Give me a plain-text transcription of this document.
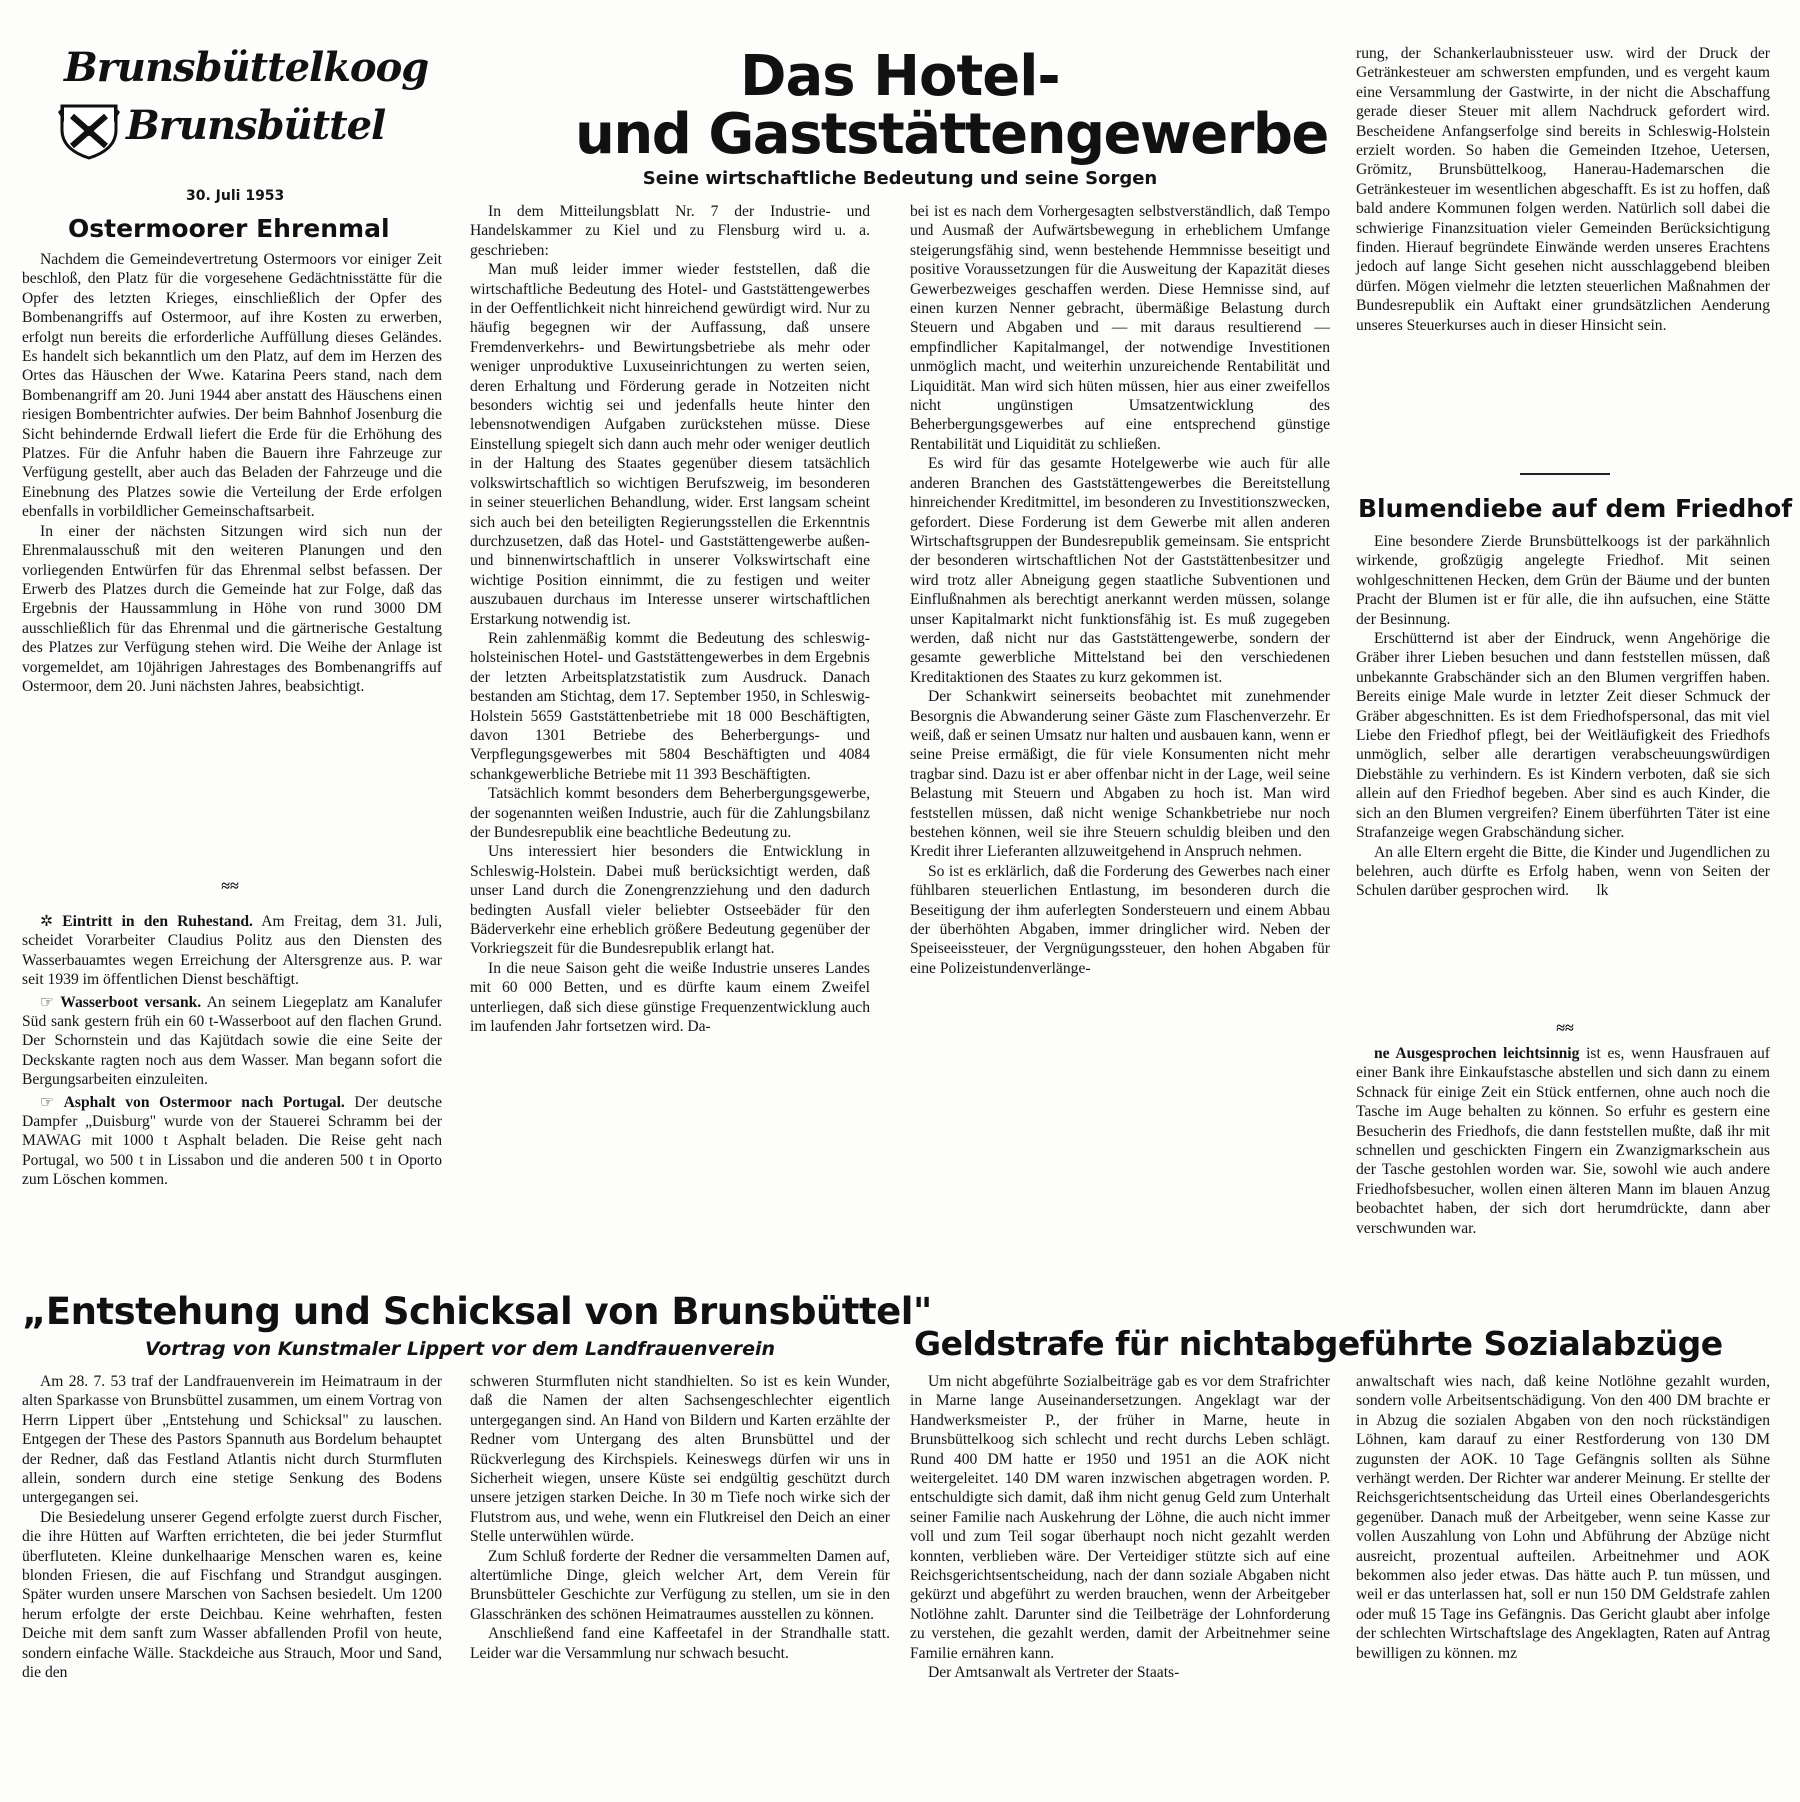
Brunsbüttelkoog
Brunsbüttel
30. Juli 1953
Das Hotel-
und Gaststättengewerbe
Seine wirtschaftliche Bedeutung und seine Sorgen
Ostermoorer Ehrenmal

Nachdem die Gemeindevertretung Ostermoors vor einiger Zeit beschloß, den Platz für die vorgesehene Gedächtnisstätte für die Opfer des letzten Krieges, einschließlich der Opfer des Bombenangriffs auf Ostermoor, auf ihre Kosten zu erwerben, erfolgt nun bereits die erforderliche Auffüllung dieses Geländes. Es handelt sich bekanntlich um den Platz, auf dem im Herzen des Ortes das Häuschen der Wwe. Katarina Peers stand, nach dem Bombenangriff am 20. Juni 1944 aber anstatt des Häuschens einen riesigen Bombentrichter aufwies. Der beim Bahnhof Josenburg die Sicht behindernde Erdwall liefert die Erde für die Erhöhung des Platzes. Für die Anfuhr haben die Bauern ihre Fahrzeuge zur Verfügung gestellt, aber auch das Beladen der Fahrzeuge und die Einebnung des Platzes sowie die Verteilung der Erde erfolgen ebenfalls in vorbildlicher Gemeinschaftsarbeit.

In einer der nächsten Sitzungen wird sich nun der Ehrenmalausschuß mit den weiteren Planungen und den vorliegenden Entwürfen für das Ehrenmal selbst befassen. Der Erwerb des Platzes durch die Gemeinde hat zur Folge, daß das Ergebnis der Haussammlung in Höhe von rund 3000 DM ausschließlich für das Ehrenmal und die gärtnerische Gestaltung des Platzes zur Verfügung stehen wird. Die Weihe der Anlage ist vorgemeldet, am 10jährigen Jahrestages des Bombenangriffs auf Ostermoor, dem 20. Juni nächsten Jahres, beabsichtigt.

≈≈

✲ Eintritt in den Ruhestand. Am Freitag, dem 31. Juli, scheidet Vorarbeiter Claudius Politz aus den Diensten des Wasserbauamtes wegen Erreichung der Altersgrenze aus. P. war seit 1939 im öffentlichen Dienst beschäftigt.

☞ Wasserboot versank. An seinem Liegeplatz am Kanalufer Süd sank gestern früh ein 60 t-Wasserboot auf den flachen Grund. Der Schornstein und das Kajütdach sowie die eine Seite der Deckskante ragten noch aus dem Wasser. Man begann sofort die Bergungsarbeiten einzuleiten.

☞ Asphalt von Ostermoor nach Portugal. Der deutsche Dampfer „Duisburg" wurde von der Stauerei Schramm bei der MAWAG mit 1000 t Asphalt beladen. Die Reise geht nach Portugal, wo 500 t in Lissabon und die anderen 500 t in Oporto zum Löschen kommen.

In dem Mitteilungsblatt Nr. 7 der Industrie- und Handelskammer zu Kiel und zu Flensburg wird u. a. geschrieben:

Man muß leider immer wieder feststellen, daß die wirtschaftliche Bedeutung des Hotel- und Gaststättengewerbes in der Oeffentlichkeit nicht hinreichend gewürdigt wird. Nur zu häufig begegnen wir der Auffassung, daß unsere Fremdenverkehrs- und Bewirtungsbetriebe als mehr oder weniger unproduktive Luxuseinrichtungen zu werten seien, deren Erhaltung und Förderung gerade in Notzeiten nicht besonders wichtig sei und jedenfalls heute hinter den lebensnotwendigen Aufgaben zurückstehen müsse. Diese Einstellung spiegelt sich dann auch mehr oder weniger deutlich in der Haltung des Staates gegenüber diesem tatsächlich volkswirtschaftlich so wichtigen Berufszweig, im besonderen in seiner steuerlichen Behandlung, wider. Erst langsam scheint sich auch bei den beteiligten Regierungsstellen die Erkenntnis durchzusetzen, daß das Hotel- und Gaststättengewerbe außen- und binnenwirtschaftlich in unserer Volkswirtschaft eine wichtige Position einnimmt, die zu festigen und weiter auszubauen durchaus im Interesse unserer wirtschaftlichen Erstarkung notwendig ist.

Rein zahlenmäßig kommt die Bedeutung des schleswig-holsteinischen Hotel- und Gaststättengewerbes in dem Ergebnis der letzten Arbeitsplatzstatistik zum Ausdruck. Danach bestanden am Stichtag, dem 17. September 1950, in Schleswig-Holstein 5659 Gaststättenbetriebe mit 18 000 Beschäftigten, davon 1301 Betriebe des Beherbergungs- und Verpflegungsgewerbes mit 5804 Beschäftigten und 4084 schankgewerbliche Betriebe mit 11 393 Beschäftigten.

Tatsächlich kommt besonders dem Beherbergungsgewerbe, der sogenannten weißen Industrie, auch für die Zahlungsbilanz der Bundesrepublik eine beachtliche Bedeutung zu.

Uns interessiert hier besonders die Entwicklung in Schleswig-Holstein. Dabei muß berücksichtigt werden, daß unser Land durch die Zonengrenzziehung und den dadurch bedingten Ausfall vieler beliebter Ostseebäder für den Bäderverkehr eine erheblich größere Bedeutung gegenüber der Vorkriegszeit für die Bundesrepublik erlangt hat.

In die neue Saison geht die weiße Industrie unseres Landes mit 60 000 Betten, und es dürfte kaum einem Zweifel unterliegen, daß sich diese günstige Frequenzentwicklung auch im laufenden Jahr fortsetzen wird. Da-

bei ist es nach dem Vorhergesagten selbstverständlich, daß Tempo und Ausmaß der Aufwärtsbewegung in erheblichem Umfange steigerungsfähig sind, wenn bestehende Hemmnisse beseitigt und positive Voraussetzungen für die Ausweitung der Kapazität dieses Gewerbezweiges geschaffen werden. Diese Hemnisse sind, auf einen kurzen Nenner gebracht, übermäßige Belastung durch Steuern und Abgaben und — mit daraus resultierend — empfindlicher Kapitalmangel, der notwendige Investitionen unmöglich macht, und weiterhin unzureichende Rentabilität und Liquidität. Man wird sich hüten müssen, hier aus einer zweifellos nicht ungünstigen Umsatzentwicklung des Beherbergungsgewerbes auf eine entsprechend günstige Rentabilität und Liquidität zu schließen.

Es wird für das gesamte Hotelgewerbe wie auch für alle anderen Branchen des Gaststättengewerbes die Bereitstellung hinreichender Kreditmittel, im besonderen zu Investitionszwecken, gefordert. Diese Forderung ist dem Gewerbe mit allen anderen Wirtschaftsgruppen der Bundesrepublik gemeinsam. Sie entspricht der besonderen wirtschaftlichen Not der Gaststättenbesitzer und wird trotz aller Abneigung gegen staatliche Subventionen und Einflußnahmen als berechtigt anerkannt werden müssen, solange unser Kapitalmarkt nicht funktionsfähig ist. Es muß zugegeben werden, daß nicht nur das Gaststättengewerbe, sondern der gesamte gewerbliche Mittelstand bei den verschiedenen Kreditaktionen des Staates zu kurz gekommen ist.

Der Schankwirt seinerseits beobachtet mit zunehmender Besorgnis die Abwanderung seiner Gäste zum Flaschenverzehr. Er weiß, daß er seinen Umsatz nur halten und ausbauen kann, wenn er seine Preise ermäßigt, die für viele Konsumenten nicht mehr tragbar sind. Dazu ist er aber offenbar nicht in der Lage, weil seine Belastung mit Steuern und Abgaben zu hoch ist. Man wird feststellen müssen, daß nicht wenige Schankbetriebe nur noch bestehen können, weil sie ihre Steuern schuldig bleiben und den Kredit ihrer Lieferanten allzuweitgehend in Anspruch nehmen.

So ist es erklärlich, daß die Forderung des Gewerbes nach einer fühlbaren steuerlichen Entlastung, im besonderen durch die Beseitigung der ihm auferlegten Sondersteuern und einem Abbau der überhöhten Abgaben, immer dringlicher wird. Neben der Speiseeissteuer, der Vergnügungssteuer, den hohen Abgaben für eine Polizeistundenverlänge-

rung, der Schankerlaubnissteuer usw. wird der Druck der Getränkesteuer am schwersten empfunden, und es vergeht kaum eine Versammlung der Gastwirte, in der nicht die Abschaffung gerade dieser Steuer mit allem Nachdruck gefordert wird. Bescheidene Anfangserfolge sind bereits in Schleswig-Holstein erzielt worden. So haben die Gemeinden Itzehoe, Uetersen, Grömitz, Brunsbüttelkoog, Hanerau-Hademarschen die Getränkesteuer im wesentlichen abgeschafft. Es ist zu hoffen, daß bald andere Kommunen folgen werden. Natürlich soll dabei die schwierige Finanzsituation vieler Gemeinden Berücksichtigung finden. Hierauf begründete Einwände werden unseres Erachtens jedoch auf lange Sicht gesehen nicht ausschlaggebend bleiben dürfen. Mögen vielmehr die letzten steuerlichen Maßnahmen der Bundesrepublik ein Auftakt einer grundsätzlichen Aenderung unseres Steuerkurses auch in dieser Hinsicht sein.

Blumendiebe auf dem Friedhof

Eine besondere Zierde Brunsbüttelkoogs ist der parkähnlich wirkende, großzügig angelegte Friedhof. Mit seinen wohlgeschnittenen Hecken, dem Grün der Bäume und der bunten Pracht der Blumen ist er für alle, die ihn aufsuchen, eine Stätte der Besinnung.

Erschütternd ist aber der Eindruck, wenn Angehörige die Gräber ihrer Lieben besuchen und dann feststellen müssen, daß unbekannte Grabschänder sich an den Blumen vergriffen haben. Bereits einige Male wurde in letzter Zeit dieser Schmuck der Gräber abgeschnitten. Es ist dem Friedhofspersonal, das mit viel Liebe den Friedhof pflegt, bei der Weitläufigkeit des Friedhofs unmöglich, selber alle derartigen verabscheuungswürdigen Diebstähle zu verhindern. Es ist Kindern verboten, daß sie sich allein auf den Friedhof begeben. Aber sind es auch Kinder, die sich an den Blumen vergreifen? Einem überführten Täter ist eine Strafanzeige wegen Grabschändung sicher.

An alle Eltern ergeht die Bitte, die Kinder und Jugendlichen zu belehren, auch dürfte es Erfolg haben, wenn von Seiten der Schulen darüber gesprochen wird.       lk

≈≈

ne Ausgesprochen leichtsinnig ist es, wenn Hausfrauen auf einer Bank ihre Einkaufstasche abstellen und sich dann zu einem Schnack für einige Zeit ein Stück entfernen, ohne auch noch die Tasche im Auge behalten zu können. So erfuhr es gestern eine Besucherin des Friedhofs, die dann feststellen mußte, daß ihr mit schnellen und geschickten Fingern ein Zwanzigmarkschein aus der Tasche gestohlen worden war. Sie, sowohl wie auch andere Friedhofsbesucher, wollen einen älteren Mann im blauen Anzug beobachtet haben, der sich dort herumdrückte, dann aber verschwunden war.

„Entstehung und Schicksal von Brunsbüttel"
Vortrag von Kunstmaler Lippert vor dem Landfrauenverein

Am 28. 7. 53 traf der Landfrauenverein im Heimatraum in der alten Sparkasse von Brunsbüttel zusammen, um einem Vortrag von Herrn Lippert über „Entstehung und Schicksal" zu lauschen. Entgegen der These des Pastors Spannuth aus Bordelum behauptet der Redner, daß das Festland Atlantis nicht durch Sturmfluten allein, sondern durch eine stetige Senkung des Bodens untergegangen sei.

Die Besiedelung unserer Gegend erfolgte zuerst durch Fischer, die ihre Hütten auf Warften errichteten, die bei jeder Sturmflut überfluteten. Kleine dunkelhaarige Menschen waren es, keine blonden Friesen, die auf Fischfang und Strandgut ausgingen. Später wurden unsere Marschen von Sachsen besiedelt. Um 1200 herum erfolgte der erste Deichbau. Keine wehrhaften, festen Deiche mit dem sanft zum Wasser abfallenden Profil von heute, sondern einfache Wälle. Stackdeiche aus Strauch, Moor und Sand, die den

schweren Sturmfluten nicht standhielten. So ist es kein Wunder, daß die Namen der alten Sachsengeschlechter eigentlich untergegangen sind. An Hand von Bildern und Karten erzählte der Redner vom Untergang des alten Brunsbüttel und der Rückverlegung des Kirchspiels. Keineswegs dürfen wir uns in Sicherheit wiegen, unsere Küste sei endgültig geschützt durch unsere jetzigen starken Deiche. In 30 m Tiefe noch wirke sich der Flutstrom aus, und wehe, wenn ein Flutkreisel den Deich an einer Stelle unterwühlen würde.

Zum Schluß forderte der Redner die versammelten Damen auf, altertümliche Dinge, gleich welcher Art, dem Verein für Brunsbütteler Geschichte zur Verfügung zu stellen, um sie in den Glasschränken des schönen Heimatraumes ausstellen zu können.

Anschließend fand eine Kaffeetafel in der Strandhalle statt. Leider war die Versammlung nur schwach besucht.

Geldstrafe für nichtabgeführte Sozialabzüge

Um nicht abgeführte Sozialbeiträge gab es vor dem Strafrichter in Marne lange Auseinandersetzungen. Angeklagt war der Handwerksmeister P., der früher in Marne, heute in Brunsbüttelkoog sich schlecht und recht durchs Leben schlägt. Rund 400 DM hatte er 1950 und 1951 an die AOK nicht weitergeleitet. 140 DM waren inzwischen abgetragen worden. P. entschuldigte sich damit, daß ihm nicht genug Geld zum Unterhalt seiner Familie nach Auskehrung der Löhne, die auch nicht immer voll und zum Teil sogar überhaupt noch nicht gezahlt werden konnten, verblieben wäre. Der Verteidiger stützte sich auf eine Reichsgerichtsentscheidung, nach der dann soziale Abgaben nicht gekürzt und abgeführt zu werden brauchen, wenn der Arbeitgeber Notlöhne zahlt. Darunter sind die Teilbeträge der Lohnforderung zu verstehen, die gezahlt werden, damit der Arbeitnehmer seine Familie ernähren kann.

Der Amtsanwalt als Vertreter der Staats-

anwaltschaft wies nach, daß keine Notlöhne gezahlt wurden, sondern volle Arbeitsentschädigung. Von den 400 DM brachte er in Abzug die sozialen Abgaben von den noch rückständigen Löhnen, kam darauf zu einer Restforderung von 130 DM zugunsten der AOK. 10 Tage Gefängnis sollten als Sühne verhängt werden. Der Richter war anderer Meinung. Er stellte der Reichsgerichtsentscheidung das Urteil eines Oberlandesgerichts gegenüber. Danach muß der Arbeitgeber, wenn seine Kasse zur vollen Auszahlung von Lohn und Abführung der Abzüge nicht ausreicht, prozentual aufteilen. Arbeitnehmer und AOK bekommen also jeder etwas. Das hätte auch P. tun müssen, und weil er das unterlassen hat, soll er nun 150 DM Geldstrafe zahlen oder muß 15 Tage ins Gefängnis. Das Gericht glaubt aber infolge der schlechten Wirtschaftslage des Angeklagten, Raten auf Antrag bewilligen zu können. mz
